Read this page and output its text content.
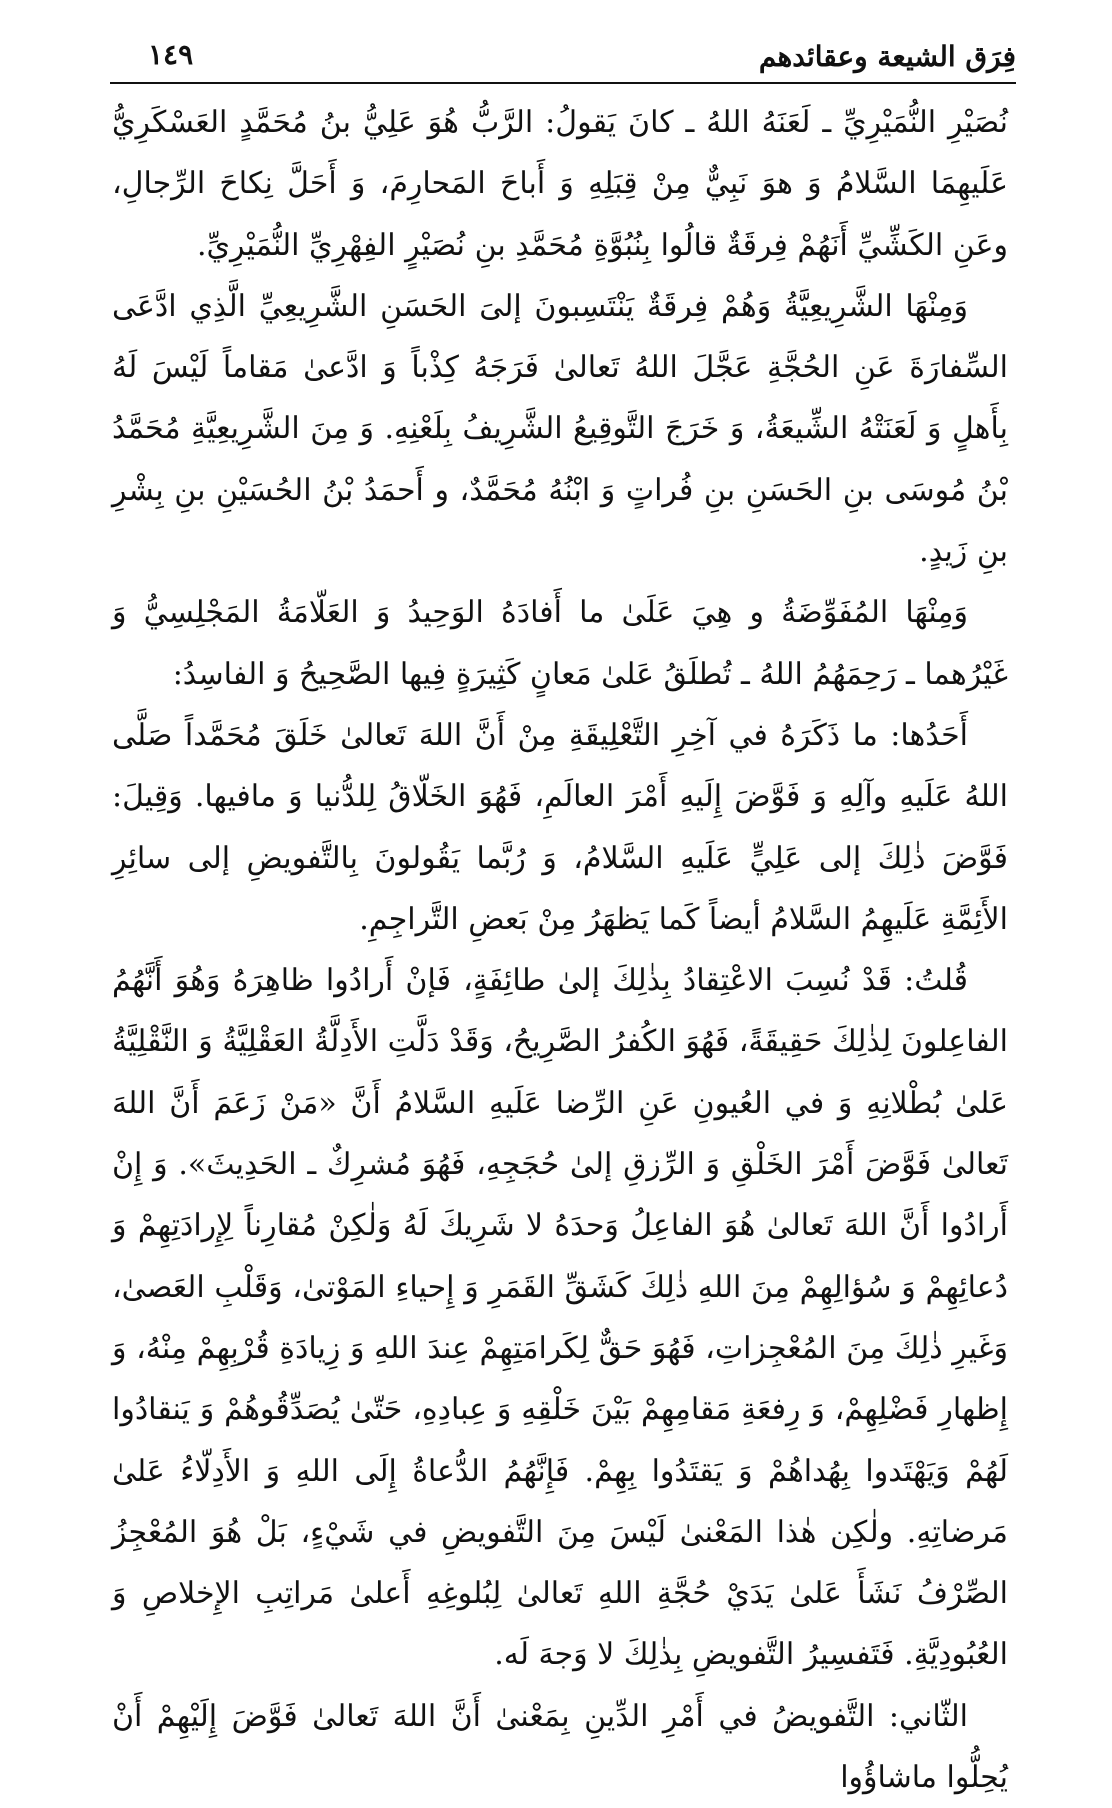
فِرَق الشيعة وعقائدهم
١٤٩

نُصَيْرِ النُّمَيْرِيِّ ـ لَعَنَهُ اللهُ ـ كانَ يَقولُ: الرَّبُّ هُوَ عَلِيُّ بنُ مُحَمَّدٍ العَسْكَرِيُّ عَلَيهِمَا السَّلامُ وَ هوَ نَبِيٌّ مِنْ قِبَلِهِ وَ أَباحَ المَحارِمَ، وَ أَحَلَّ نِكاحَ الرِّجالِ، وعَنِ الكَشِّيِّ أَنَهُمْ فِرقَةٌ قالُوا بِنُبُوَّةِ مُحَمَّدِ بنِ نُصَيْرٍ الفِهْرِيِّ النُّمَيْرِيِّ.

وَمِنْهَا الشَّرِيعِيَّةُ وَهُمْ فِرقَةٌ يَنْتَسِبونَ إلىَ الحَسَنِ الشَّرِيعِيِّ الَّذِي ادَّعَى السِّفارَةَ عَنِ الحُجَّةِ عَجَّلَ اللهُ تَعالىٰ فَرَجَهُ كِذْباً وَ ادَّعىٰ مَقاماً لَيْسَ لَهُ بِأَهلٍ وَ لَعَنَتْهُ الشِّيعَةُ، وَ خَرَجَ التَّوقِيعُ الشَّرِيفُ بِلَعْنِهِ. وَ مِنَ الشَّرِيعِيَّةِ مُحَمَّدُ بْنُ مُوسَى بنِ الحَسَنِ بنِ فُراتٍ وَ ابْنُهُ مُحَمَّدٌ، و أَحمَدُ بْنُ الحُسَيْنِ بنِ بِشْرِ بنِ زَيدٍ.

وَمِنْهَا المُفَوِّضَةُ و هِيَ عَلَىٰ ما أَفادَهُ الوَحِيدُ وَ العَلّامَةُ المَجْلِسِيُّ وَ غَيْرُهما ـ رَحِمَهُمُ اللهُ ـ تُطلَقُ عَلىٰ مَعانٍ كَثِيرَةٍ فِيها الصَّحِيحُ وَ الفاسِدُ:

أَحَدُها: ما ذَكَرَهُ في آخِرِ التَّعْلِيقَةِ مِنْ أَنَّ اللهَ تَعالىٰ خَلَقَ مُحَمَّداً صَلَّى اللهُ عَلَيهِ وآلِهِ وَ فَوَّضَ إِلَيهِ أَمْرَ العالَمِ، فَهُوَ الخَلّاقُ لِلدُّنيا وَ مافيها. وَقِيلَ: فَوَّضَ ذٰلِكَ إلى عَلِيٍّ عَلَيهِ السَّلامُ، وَ رُبَّما يَقُولونَ بِالتَّفويضِ إلى سائِرِ الأَئِمَّةِ عَلَيهِمُ السَّلامُ أيضاً كَما يَظهَرُ مِنْ بَعضِ التَّراجِمِ.

قُلتُ: قَدْ نُسِبَ الاعْتِقادُ بِذٰلِكَ إلىٰ طائِفَةٍ، فَإنْ أَرادُوا ظاهِرَهُ وَهُوَ أَنَّهُمُ الفاعِلونَ لِذٰلِكَ حَقِيقَةً، فَهُوَ الكُفرُ الصَّرِيحُ، وَقَدْ دَلَّتِ الأَدِلَّةُ العَقْلِيَّةُ وَ النَّقْلِيَّةُ عَلىٰ بُطْلانِهِ وَ في العُيونِ عَنِ الرِّضا عَلَيهِ السَّلامُ أَنَّ «مَنْ زَعَمَ أَنَّ اللهَ تَعالىٰ فَوَّضَ أَمْرَ الخَلْقِ وَ الرِّزقِ إلىٰ حُجَجِهِ، فَهُوَ مُشرِكٌ ـ الحَدِيثَ». وَ إِنْ أَرادُوا أَنَّ اللهَ تَعالىٰ هُوَ الفاعِلُ وَحدَهُ لا شَرِيكَ لَهُ وَلٰكِنْ مُقارِناً لِإِرادَتِهِمْ وَ دُعائِهِمْ وَ سُؤالِهِمْ مِنَ اللهِ ذٰلِكَ كَشَقِّ القَمَرِ وَ إِحياءِ المَوْتىٰ، وَقَلْبِ العَصىٰ، وَغَيرِ ذٰلِكَ مِنَ المُعْجِزاتِ، فَهُوَ حَقٌّ لِكَرامَتِهِمْ عِندَ اللهِ وَ زِيادَةِ قُرْبِهِمْ مِنْهُ، وَ إِظهارِ فَضْلِهِمْ، وَ رِفعَةِ مَقامِهِمْ بَيْنَ خَلْقِهِ وَ عِبادِهِ، حَتّىٰ يُصَدِّقُوهُمْ وَ يَنقادُوا لَهُمْ وَيَهْتَدوا بِهُداهُمْ وَ يَقتَدُوا بِهِمْ. فَإِنَّهُمُ الدُّعاةُ إِلَى اللهِ وَ الأَدِلّاءُ عَلىٰ مَرضاتِهِ. ولٰكِن هٰذا المَعْنىٰ لَيْسَ مِنَ التَّفويضِ في شَيْءٍ، بَلْ هُوَ المُعْجِزُ الصِّرْفُ نَشَأَ عَلىٰ يَدَيْ حُجَّةِ اللهِ تَعالىٰ لِبُلوغِهِ أَعلىٰ مَراتِبِ الإِخلاصِ وَ العُبُودِيَّةِ. فَتَفسِيرُ التَّفويضِ بِذٰلِكَ لا وَجهَ لَه.

الثّاني: التَّفويضُ في أَمْرِ الدِّينِ بِمَعْنىٰ أَنَّ اللهَ تَعالىٰ فَوَّضَ إِلَيْهِمْ أَنْ يُحِلُّوا ماشاؤُوا
